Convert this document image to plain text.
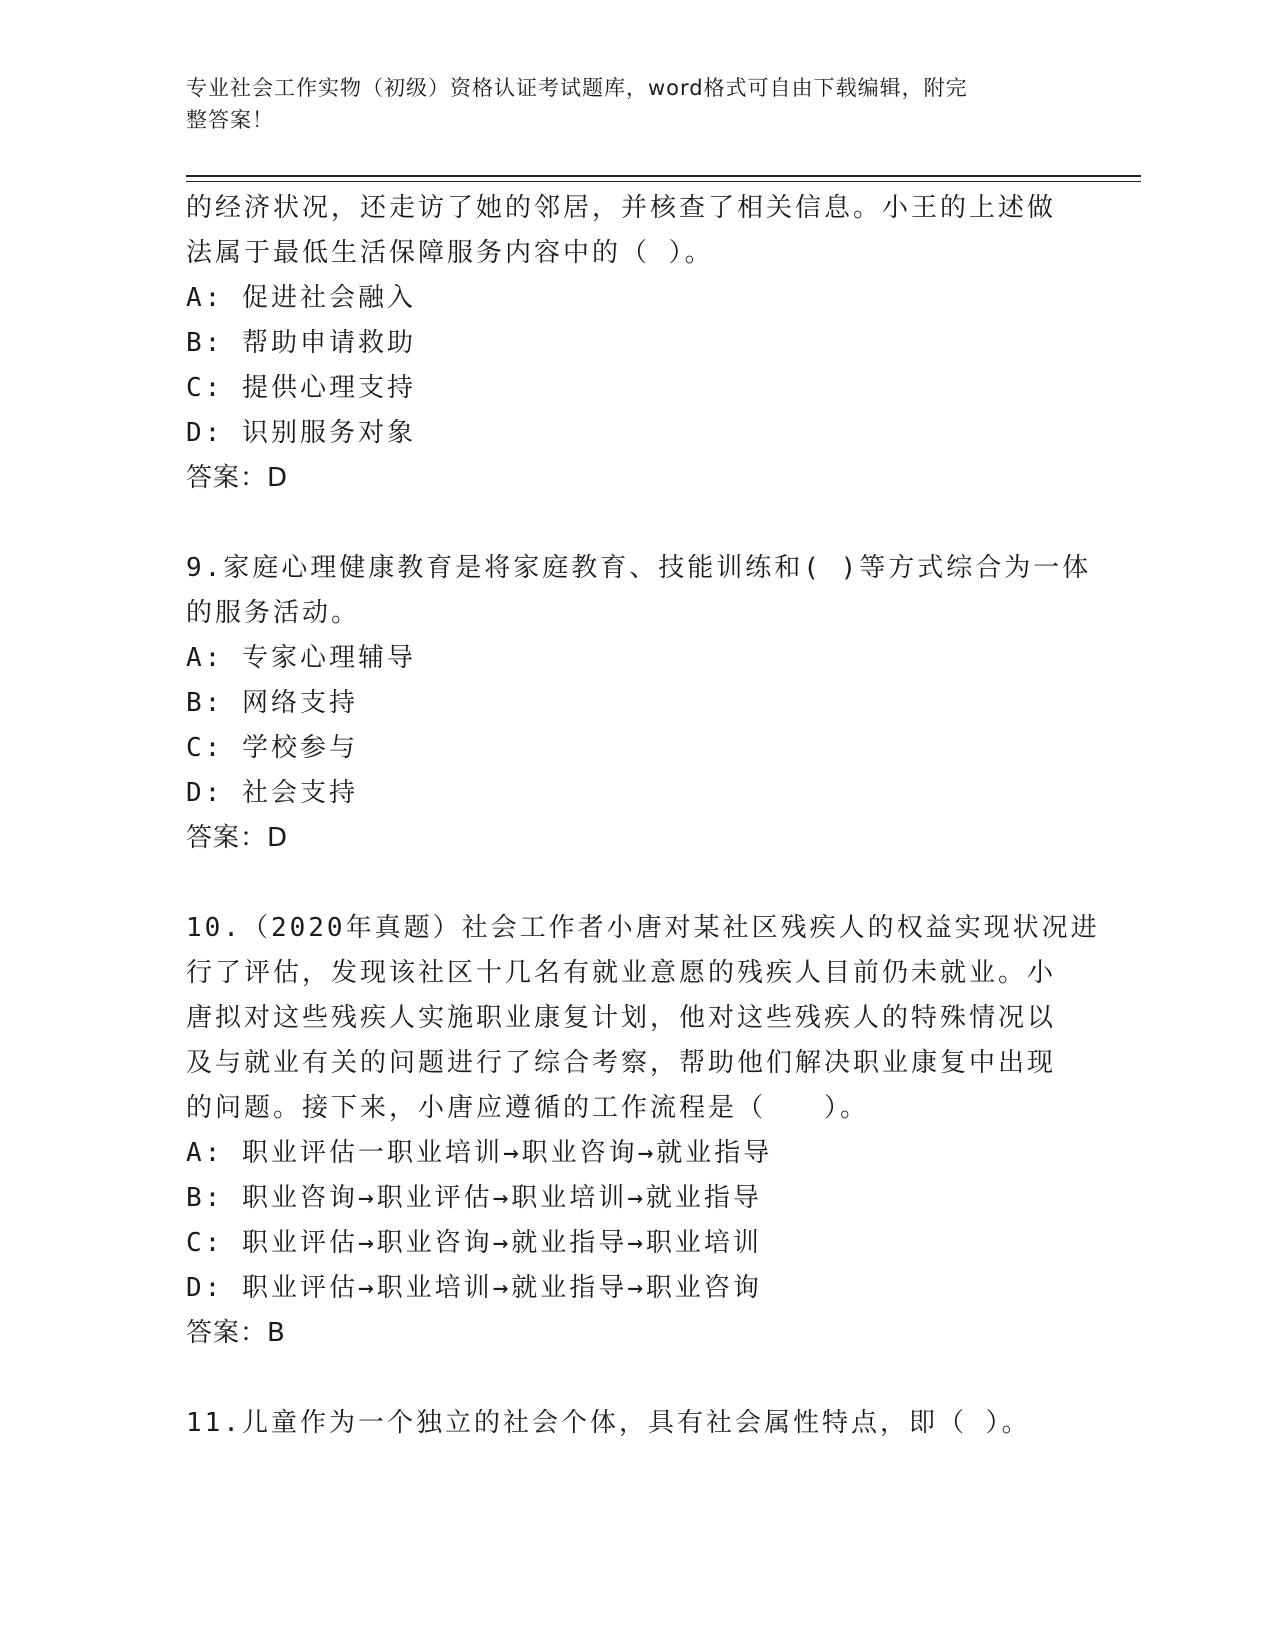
专业社会工作实物（初级）资格认证考试题库，word格式可自由下载编辑，附完
整答案！
的经济状况，还走访了她的邻居，并核查了相关信息。小王的上述做
法属于最低生活保障服务内容中的（ ）。
A: 促进社会融入
B: 帮助申请救助
C: 提供心理支持
D: 识别服务对象
答案：D
9.家庭心理健康教育是将家庭教育、技能训练和( )等方式综合为一体
的服务活动。
A: 专家心理辅导
B: 网络支持
C: 学校参与
D: 社会支持
答案：D
10.（2020年真题）社会工作者小唐对某社区残疾人的权益实现状况进
行了评估，发现该社区十几名有就业意愿的残疾人目前仍未就业。小
唐拟对这些残疾人实施职业康复计划，他对这些残疾人的特殊情况以
及与就业有关的问题进行了综合考察，帮助他们解决职业康复中出现
的问题。接下来，小唐应遵循的工作流程是（　　）。
A: 职业评估一职业培训→职业咨询→就业指导
B: 职业咨询→职业评估→职业培训→就业指导
C: 职业评估→职业咨询→就业指导→职业培训
D: 职业评估→职业培训→就业指导→职业咨询
答案：B
11.儿童作为一个独立的社会个体，具有社会属性特点，即（ ）。
